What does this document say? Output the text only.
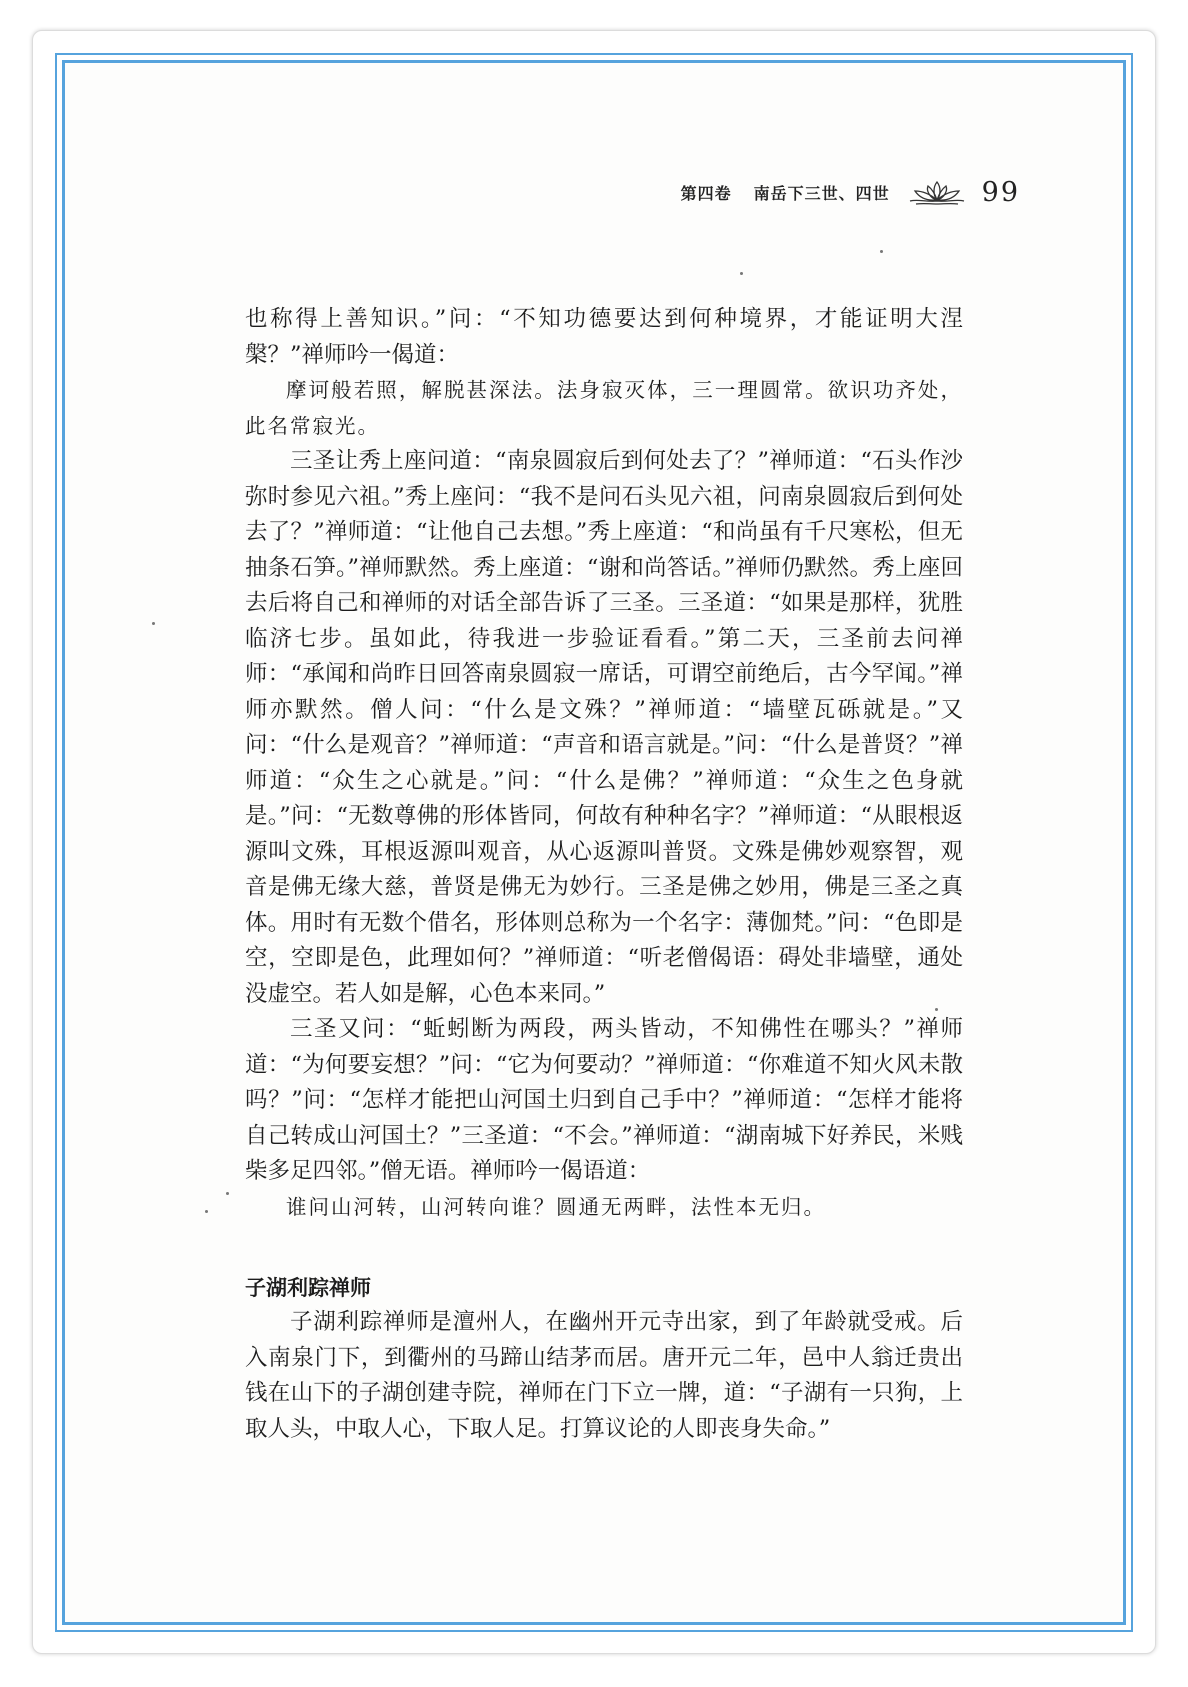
第四卷 南岳下三世、四世	99

也称得上善知识。”问：“不知功德要达到何种境界，才能证明大涅槃？”禅师吟一偈道：

摩诃般若照，解脱甚深法。法身寂灭体，三一理圆常。欲识功齐处，此名常寂光。

三圣让秀上座问道：“南泉圆寂后到何处去了？”禅师道：“石头作沙弥时参见六祖。”秀上座问：“我不是问石头见六祖，问南泉圆寂后到何处去了？”禅师道：“让他自己去想。”秀上座道：“和尚虽有千尺寒松，但无抽条石笋。”禅师默然。秀上座道：“谢和尚答话。”禅师仍默然。秀上座回去后将自己和禅师的对话全部告诉了三圣。三圣道：“如果是那样，犹胜临济七步。虽如此，待我进一步验证看看。”第二天，三圣前去问禅师：“承闻和尚昨日回答南泉圆寂一席话，可谓空前绝后，古今罕闻。”禅师亦默然。僧人问：“什么是文殊？”禅师道：“墙壁瓦砾就是。”又问：“什么是观音？”禅师道：“声音和语言就是。”问：“什么是普贤？”禅师道：“众生之心就是。”问：“什么是佛？”禅师道：“众生之色身就是。”问：“无数尊佛的形体皆同，何故有种种名字？”禅师道：“从眼根返源叫文殊，耳根返源叫观音，从心返源叫普贤。文殊是佛妙观察智，观音是佛无缘大慈，普贤是佛无为妙行。三圣是佛之妙用，佛是三圣之真体。用时有无数个借名，形体则总称为一个名字：薄伽梵。”问：“色即是空，空即是色，此理如何？”禅师道：“听老僧偈语：碍处非墙壁，通处没虚空。若人如是解，心色本来同。”

三圣又问：“蚯蚓断为两段，两头皆动，不知佛性在哪头？”禅师道：“为何要妄想？”问：“它为何要动？”禅师道：“你难道不知火风未散吗？”问：“怎样才能把山河国土归到自己手中？”禅师道：“怎样才能将自己转成山河国土？”三圣道：“不会。”禅师道：“湖南城下好养民，米贱柴多足四邻。”僧无语。禅师吟一偈语道：

谁问山河转，山河转向谁？圆通无两畔，法性本无归。

子湖利踪禅师

子湖利踪禅师是澶州人，在幽州开元寺出家，到了年龄就受戒。后入南泉门下，到衢州的马蹄山结茅而居。唐开元二年，邑中人翁迁贵出钱在山下的子湖创建寺院，禅师在门下立一牌，道：“子湖有一只狗，上取人头，中取人心，下取人足。打算议论的人即丧身失命。”
